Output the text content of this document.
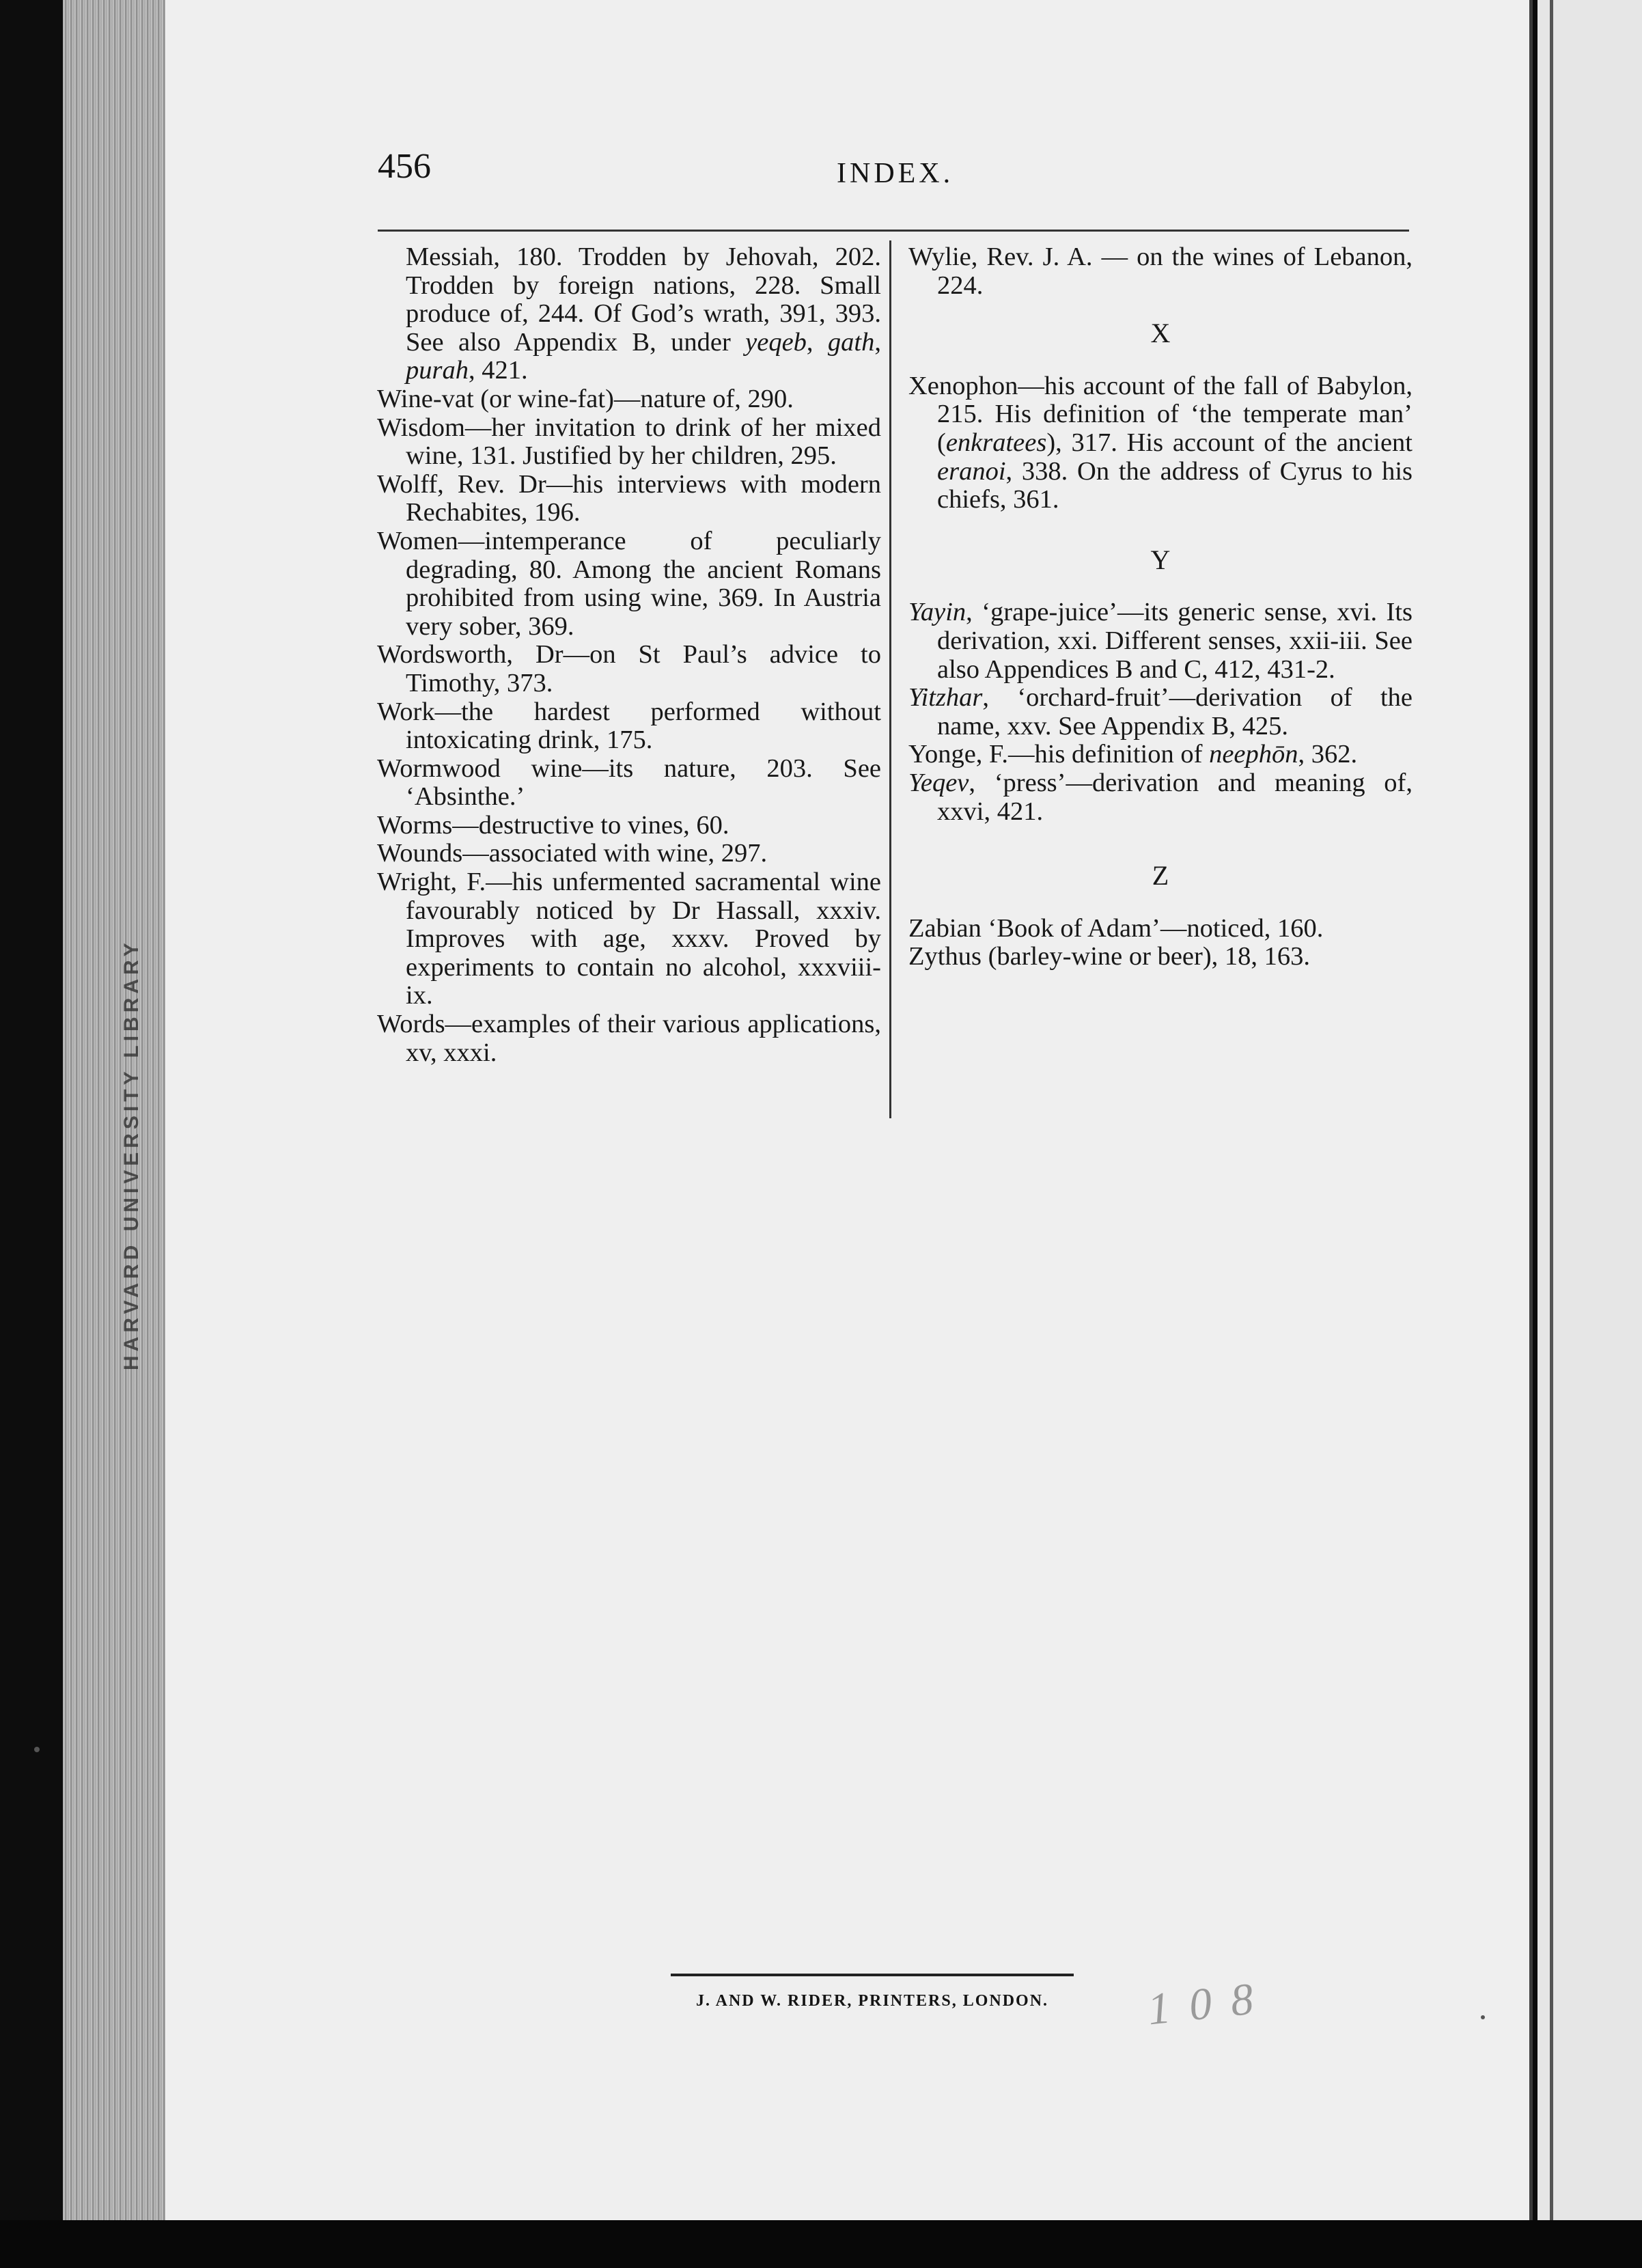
HARVARD UNIVERSITY LIBRARY
456	INDEX.

Messiah, 180. Trodden by Jehovah, 202. Trodden by foreign nations, 228. Small produce of, 244. Of God’s wrath, 391, 393. See also Appendix B, under yeqeb, gath, purah, 421.

Wine-vat (or wine-fat)—nature of, 290.

Wisdom—her invitation to drink of her mixed wine, 131. Justified by her children, 295.

Wolff, Rev. Dr—his interviews with modern Rechabites, 196.

Women—intemperance of peculiarly degrading, 80. Among the ancient Romans prohibited from using wine, 369. In Austria very sober, 369.

Wordsworth, Dr—on St Paul’s advice to Timothy, 373.

Work—the hardest performed without intoxicating drink, 175.

Wormwood wine—its nature, 203. See ‘Absinthe.’

Worms—destructive to vines, 60.

Wounds—associated with wine, 297.

Wright, F.—his unfermented sacramental wine favourably noticed by Dr Hassall, xxxiv. Improves with age, xxxv. Proved by experiments to contain no alcohol, xxxviii-ix.

Words—examples of their various applications, xv, xxxi.

Wylie, Rev. J. A. — on the wines of Lebanon, 224.

X

Xenophon—his account of the fall of Babylon, 215. His definition of ‘the temperate man’ (enkratees), 317. His account of the ancient eranoi, 338. On the address of Cyrus to his chiefs, 361.

Y

Yayin, ‘grape-juice’—its generic sense, xvi. Its derivation, xxi. Different senses, xxii-iii. See also Appendices B and C, 412, 431-2.

Yitzhar, ‘orchard-fruit’—derivation of the name, xxv. See Appendix B, 425.

Yonge, F.—his definition of neephōn, 362.

Yeqev, ‘press’—derivation and meaning of, xxvi, 421.

Z

Zabian ‘Book of Adam’—noticed, 160.

Zythus (barley-wine or beer), 18, 163.

J. AND W. RIDER, PRINTERS, LONDON.	108
